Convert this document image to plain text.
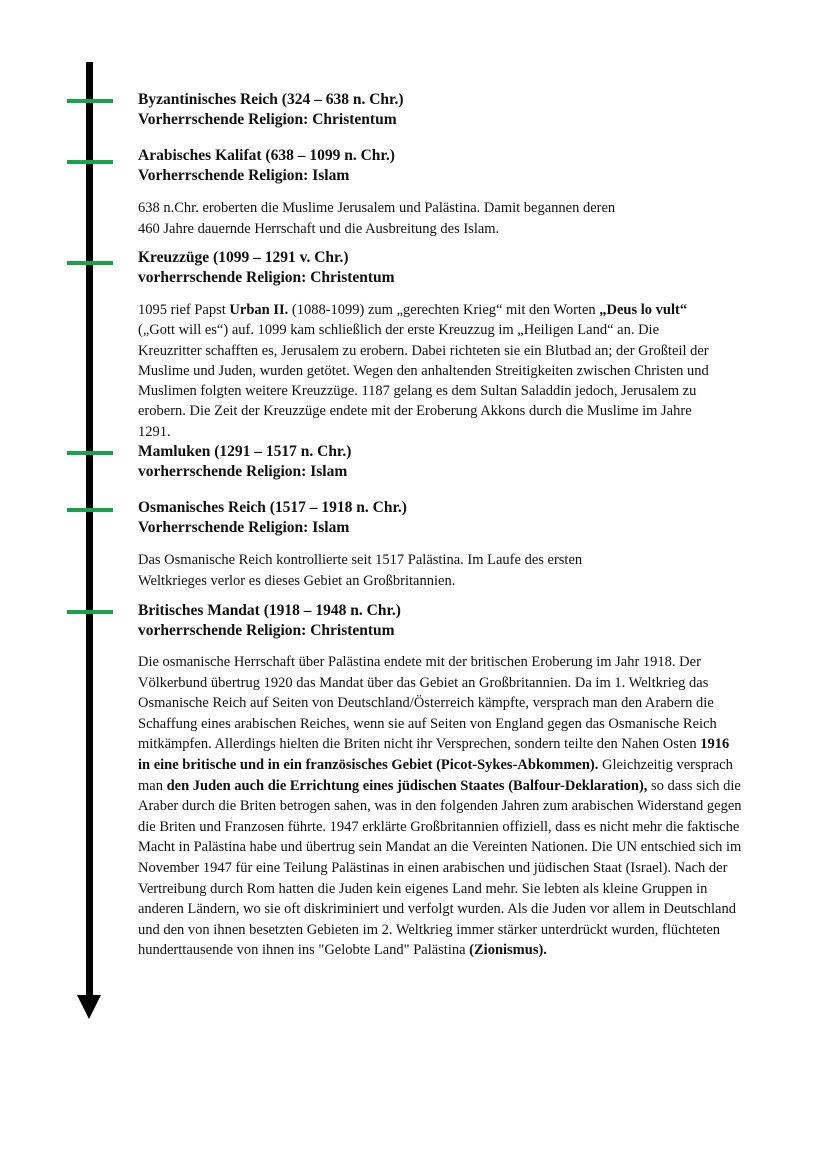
Byzantinisches Reich (324 – 638 n. Chr.)
Vorherrschende Religion: Christentum
Arabisches Kalifat (638 – 1099 n. Chr.)
Vorherrschende Religion: Islam
638 n.Chr. eroberten die Muslime Jerusalem und Palästina. Damit begannen deren
460 Jahre dauernde Herrschaft und die Ausbreitung des Islam.
Kreuzzüge (1099 – 1291 v. Chr.)
vorherrschende Religion: Christentum
1095 rief Papst Urban II. (1088-1099) zum „gerechten Krieg“ mit den Worten „Deus lo vult“
(„Gott will es“) auf. 1099 kam schließlich der erste Kreuzzug im „Heiligen Land“ an. Die Kreuzritter schafften es, Jerusalem zu erobern. Dabei richteten sie ein Blutbad an; der Großteil der Muslime und Juden, wurden getötet. Wegen den anhaltenden Streitigkeiten zwischen Christen und Muslimen folgten weitere Kreuzzüge. 1187 gelang es dem Sultan Saladdin jedoch, Jerusalem zu erobern. Die Zeit der Kreuzzüge endete mit der Eroberung Akkons durch die Muslime im Jahre 1291.
Mamluken (1291 – 1517 n. Chr.)
vorherrschende Religion: Islam
Osmanisches Reich (1517 – 1918 n. Chr.)
Vorherrschende Religion: Islam
Das Osmanische Reich kontrollierte seit 1517 Palästina. Im Laufe des ersten
Weltkrieges verlor es dieses Gebiet an Großbritannien.
Britisches Mandat (1918 – 1948 n. Chr.)
vorherrschende Religion: Christentum
Die osmanische Herrschaft über Palästina endete mit der britischen Eroberung im Jahr 1918. Der Völkerbund übertrug 1920 das Mandat über das Gebiet an Großbritannien. Da im 1. Weltkrieg das Osmanische Reich auf Seiten von Deutschland/Österreich kämpfte, versprach man den Arabern die Schaffung eines arabischen Reiches, wenn sie auf Seiten von England gegen das Osmanische Reich mitkämpfen. Allerdings hielten die Briten nicht ihr Versprechen, sondern teilte den Nahen Osten 1916 in eine britische und in ein französisches Gebiet (Picot-Sykes-Abkommen). Gleichzeitig versprach man den Juden auch die Errichtung eines jüdischen Staates (Balfour-Deklaration), so dass sich die Araber durch die Briten betrogen sahen, was in den folgenden Jahren zum arabischen Widerstand gegen die Briten und Franzosen führte. 1947 erklärte Großbritannien offiziell, dass es nicht mehr die faktische Macht in Palästina habe und übertrug sein Mandat an die Vereinten Nationen. Die UN entschied sich im November 1947 für eine Teilung Palästinas in einen arabischen und jüdischen Staat (Israel). Nach der Vertreibung durch Rom hatten die Juden kein eigenes Land mehr. Sie lebten als kleine Gruppen in anderen Ländern, wo sie oft diskriminiert und verfolgt wurden. Als die Juden vor allem in Deutschland und den von ihnen besetzten Gebieten im 2. Weltkrieg immer stärker unterdrückt wurden, flüchteten hunderttausende von ihnen ins "Gelobte Land" Palästina (Zionismus).
